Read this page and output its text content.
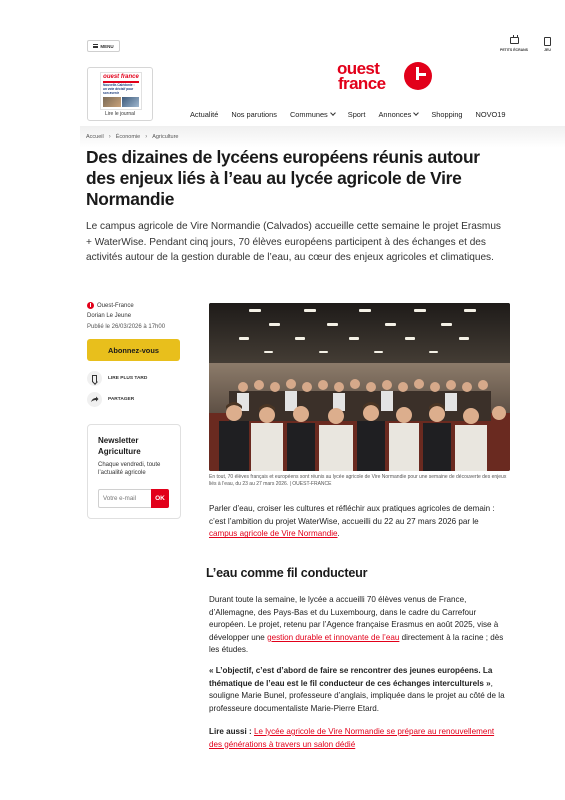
MENU
PETITS ÉCRANS	JEU
ouest france
Nouvelle-Calédonie : un vote décisif pour son avenir
Lire le journal
ouest
france
Actualité Nos parutions Communes	Sport Annonces	Shopping NOVO19
Accueil › Économie › Agriculture
Des dizaines de lycéens européens réunis autour des enjeux liés à l’eau au lycée agricole de Vire Normandie

Le campus agricole de Vire Normandie (Calvados) accueille cette semaine le projet Erasmus + WaterWise. Pendant cinq jours, 70 élèves européens participent à des échanges et des activités autour de la gestion durable de l’eau, au cœur des enjeux agricoles et climatiques.

Ouest-France
Dorian Le Jeune
Publié le 26/03/2026 à 17h00
Abonnez-vous
LIRE PLUS TARD
PARTAGER
Newsletter Agriculture
Chaque vendredi, toute l’actualité agricole
Votre e-mail
OK
En tout, 70 élèves français et européens sont réunis au lycée agricole de Vire Normandie pour une semaine de découverte des enjeux liés à l’eau, du 23 au 27 mars 2026. | OUEST-FRANCE

Parler d’eau, croiser les cultures et réfléchir aux pratiques agricoles de demain : c’est l’ambition du projet WaterWise, accueilli du 22 au 27 mars 2026 par le campus agricole de Vire Normandie.

L’eau comme fil conducteur

Durant toute la semaine, le lycée a accueilli 70 élèves venus de France, d’Allemagne, des Pays-Bas et du Luxembourg, dans le cadre du Carrefour européen. Le projet, retenu par l’Agence française Erasmus en août 2025, vise à développer une gestion durable et innovante de l’eau directement à la racine ; dès les études.

« L’objectif, c’est d’abord de faire se rencontrer des jeunes européens. La thématique de l’eau est le fil conducteur de ces échanges interculturels », souligne Marie Bunel, professeure d’anglais, impliquée dans le projet au côté de la professeure documentaliste Marie-Pierre Etard.

Lire aussi : Le lycée agricole de Vire Normandie se prépare au renouvellement des générations à travers un salon dédié
